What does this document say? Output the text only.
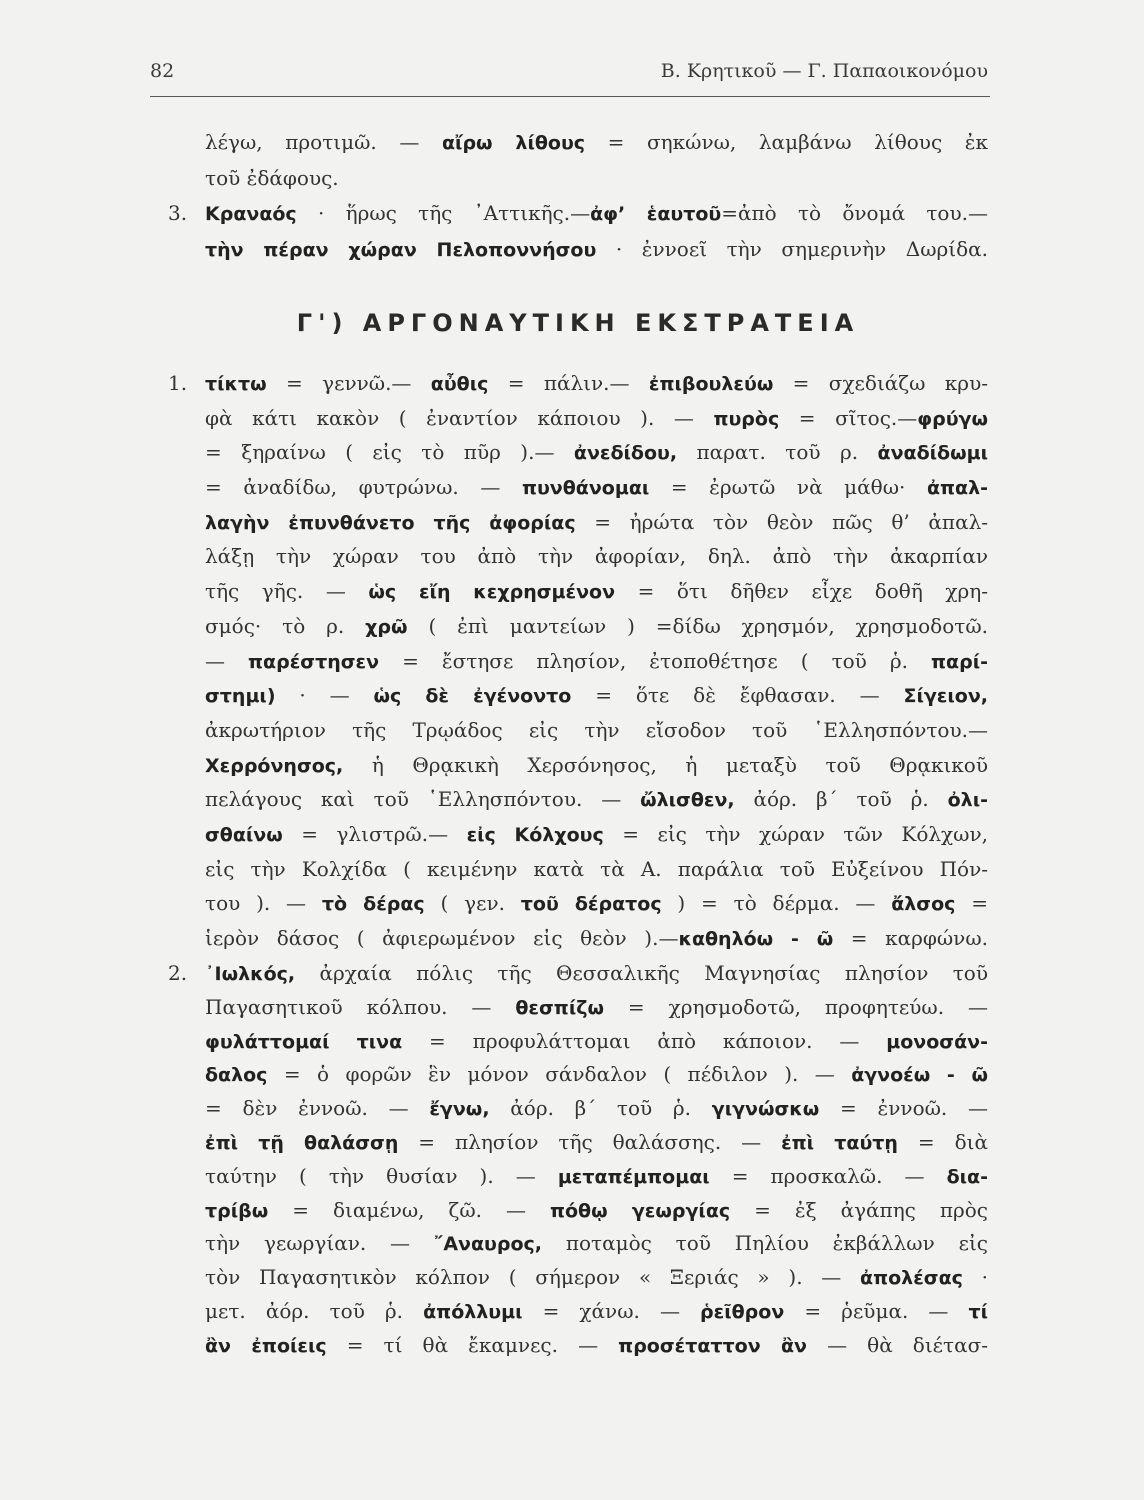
82	Β. Κρητικοῦ — Γ. Παπαοικονόμου
λέγω, προτιμῶ. — αἴρω λίθους = σηκώνω, λαμβάνω λίθους ἐκ
τοῦ ἐδάφους.
3. Κραναός · ἥρως τῆς ᾿Αττικῆς.—ἀφ’ ἑαυτοῦ=ἀπὸ τὸ ὄνομά του.—
τὴν πέραν χώραν Πελοποννήσου · ἐννοεῖ τὴν σημερινὴν Δωρίδα.
Γ') ΑΡΓΟΝΑΥΤΙΚΗ ΕΚΣΤΡΑΤΕΙΑ
1. τίκτω = γεννῶ.— αὖθις = πάλιν.— ἐπιβουλεύω = σχεδιάζω κρυ-
φὰ κάτι κακὸν ( ἐναντίον κάποιου ). — πυρὸς = σῖτος.—φρύγω
= ξηραίνω ( εἰς τὸ πῦρ ).— ἀνεδίδου, παρατ. τοῦ ρ. ἀναδίδωμι
= ἀναδίδω, φυτρώνω. — πυνθάνομαι = ἐρωτῶ νὰ μάθω· ἀπαλ-
λαγὴν ἐπυνθάνετο τῆς ἀφορίας = ἠρώτα τὸν θεὸν πῶς θ’ ἀπαλ-
λάξῃ τὴν χώραν του ἀπὸ τὴν ἀφορίαν, δηλ. ἀπὸ τὴν ἀκαρπίαν
τῆς γῆς. — ὡς εἴη κεχρησμένον = ὅτι δῆθεν εἶχε δοθῆ χρη-
σμός· τὸ ρ. χρῶ ( ἐπὶ μαντείων ) =δίδω χρησμόν, χρησμοδοτῶ.
— παρέστησεν = ἔστησε πλησίον, ἐτοποθέτησε ( τοῦ ῥ. παρί-
στημι) · — ὡς δὲ ἐγένοντο = ὅτε δὲ ἔφθασαν. — Σίγειον,
ἀκρωτήριον τῆς Τρῳάδος εἰς τὴν εἴσοδον τοῦ ῾Ελλησπόντου.—
Χερρόνησος, ἡ Θρᾳκικὴ Χερσόνησος, ἡ μεταξὺ τοῦ Θρᾳκικοῦ
πελάγους καὶ τοῦ ῾Ελλησπόντου. — ὤλισθεν, ἀόρ. β΄ τοῦ ῥ. ὀλι-
σθαίνω = γλιστρῶ.— εἰς Κόλχους = εἰς τὴν χώραν τῶν Κόλχων,
εἰς τὴν Κολχίδα ( κειμένην κατὰ τὰ Α. παράλια τοῦ Εὐξείνου Πόν-
του ). — τὸ δέρας ( γεν. τοῦ δέρατος ) = τὸ δέρμα. — ἄλσος =
ἱερὸν δάσος ( ἀφιερωμένον εἰς θεὸν ).—καθηλόω - ῶ = καρφώνω.
2. ᾿Ιωλκός, ἀρχαία πόλις τῆς Θεσσαλικῆς Μαγνησίας πλησίον τοῦ
Παγασητικοῦ κόλπου. — θεσπίζω = χρησμοδοτῶ, προφητεύω. —
φυλάττομαί τινα = προφυλάττομαι ἀπὸ κάποιον. — μονοσάν-
δαλος = ὁ φορῶν ἓν μόνον σάνδαλον ( πέδιλον ). — ἀγνοέω - ῶ
= δὲν ἐννοῶ. — ἔγνω, ἀόρ. β΄ τοῦ ῥ. γιγνώσκω = ἐννοῶ. —
ἐπὶ τῇ θαλάσσῃ = πλησίον τῆς θαλάσσης. — ἐπὶ ταύτῃ = διὰ
ταύτην ( τὴν θυσίαν ). — μεταπέμπομαι = προσκαλῶ. — δια-
τρίβω = διαμένω, ζῶ. — πόθῳ γεωργίας = ἐξ ἀγάπης πρὸς
τὴν γεωργίαν. — ῎Αναυρος, ποταμὸς τοῦ Πηλίου ἐκβάλλων εἰς
τὸν Παγασητικὸν κόλπον ( σήμερον « Ξεριάς » ). — ἀπολέσας ·
μετ. ἀόρ. τοῦ ῥ. ἀπόλλυμι = χάνω. — ῥεῖθρον = ῥεῦμα. — τί
ἂν ἐποίεις = τί θὰ ἔκαμνες. — προσέταττον ἂν — θὰ διέτασ-
